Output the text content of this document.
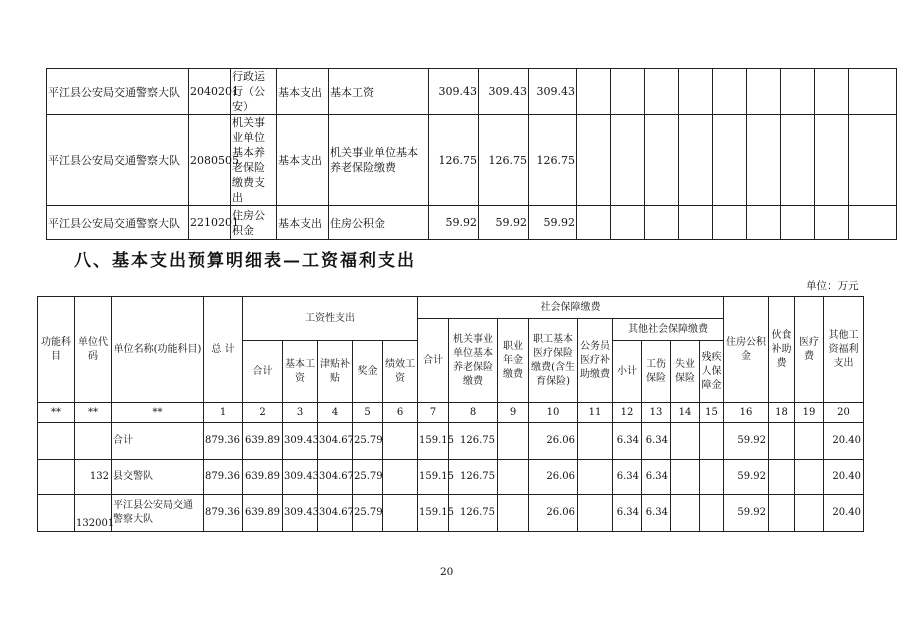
平江县公安局交通警察大队	2040201	行政运行（公安）	基本支出	基本工资	309.43	309.43	309.43									
平江县公安局交通警察大队	2080505	机关事业单位基本养老保险缴费支出	基本支出	机关事业单位基本养老保险缴费	126.75	126.75	126.75									
平江县公安局交通警察大队	2210201	住房公积金	基本支出	住房公积金	59.92	59.92	59.92									
八、基本支出预算明细表—工资福利支出
单位：万元
功能科目	单位代码	单位名称(功能科目)	总 计	工资性支出					社会保障缴费									住房公积金	伙食补助费	医疗费	其他工资福利支出
									合计	机关事业单位基本养老保险缴费	职业年金缴费	职工基本医疗保险缴费(含生育保险)	公务员医疗补助缴费	其他社会保障缴费							
				合计	基本工资	津贴补贴	奖金	绩效工资						小计	工伤保险	失业保险	残疾人保障金				
**	**	**	1	2	3	4	5	6	7	8	9	10	11	12	13	14	15	16	18	19	20
		合计	879.36	639.89	309.43	304.67	25.79		159.15	126.75		26.06		6.34	6.34			59.92			20.40
	132	县交警队	879.36	639.89	309.43	304.67	25.79		159.15	126.75		26.06		6.34	6.34			59.92			20.40
	132001	平江县公安局交通警察大队	879.36	639.89	309.43	304.67	25.79		159.15	126.75		26.06		6.34	6.34			59.92			20.40
20
